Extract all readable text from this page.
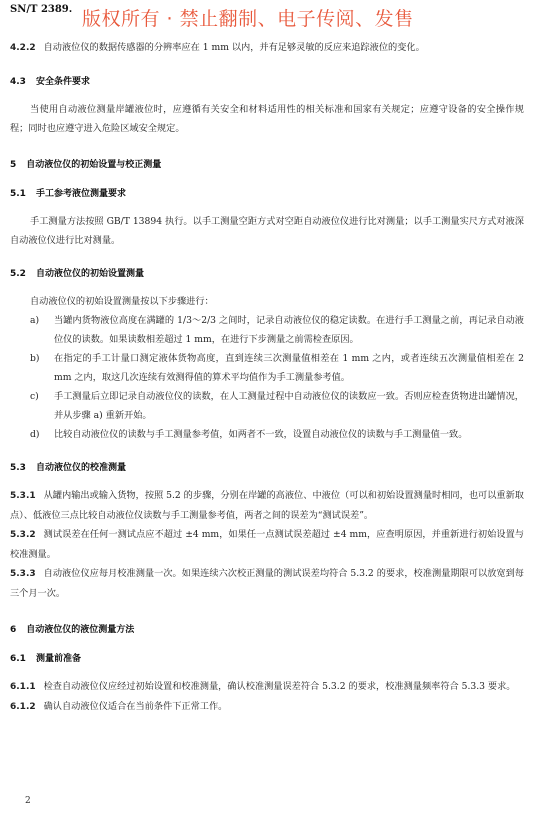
SN/T 2389. 版权所有 · 禁止翻制、电子传阅、发售

4.2.2 自动液位仪的数据传感器的分辨率应在 1 mm 以内，并有足够灵敏的反应来追踪液位的变化。

4.3 安全条件要求

当使用自动液位测量岸罐液位时，应遵循有关安全和材料适用性的相关标准和国家有关规定；应遵守设备的安全操作规程；同时也应遵守进入危险区域安全规定。

5 自动液位仪的初始设置与校正测量
5.1 手工参考液位测量要求

手工测量方法按照 GB/T 13894 执行。以手工测量空距方式对空距自动液位仪进行比对测量；以手工测量实尺方式对液深自动液位仪进行比对测量。

5.2 自动液位仪的初始设置测量

自动液位仪的初始设置测量按以下步骤进行：

a)	当罐内货物液位高度在满罐的 1/3～2/3 之间时，记录自动液位仪的稳定读数。在进行手工测量之前，再记录自动液位仪的读数。如果读数相差超过 1 mm，在进行下步测量之前需检查原因。
b)	在指定的手工计量口测定液体货物高度，直到连续三次测量值相差在 1 mm 之内，或者连续五次测量值相差在 2 mm 之内，取这几次连续有效测得值的算术平均值作为手工测量参考值。
c)	手工测量后立即记录自动液位仪的读数，在人工测量过程中自动液位仪的读数应一致。否则应检查货物进出罐情况，并从步骤 a) 重新开始。
d)	比较自动液位仪的读数与手工测量参考值，如两者不一致，设置自动液位仪的读数与手工测量值一致。
5.3 自动液位仪的校准测量

5.3.1 从罐内输出或输入货物，按照 5.2 的步骤，分别在岸罐的高液位、中液位（可以和初始设置测量时相同，也可以重新取点）、低液位三点比较自动液位仪读数与手工测量参考值，两者之间的误差为“测试误差”。

5.3.2 测试误差在任何一测试点应不超过 ±4 mm，如果任一点测试误差超过 ±4 mm，应查明原因，并重新进行初始设置与校准测量。

5.3.3 自动液位仪应每月校准测量一次。如果连续六次校正测量的测试误差均符合 5.3.2 的要求，校准测量期限可以放宽到每三个月一次。

6 自动液位仪的液位测量方法
6.1 测量前准备

6.1.1 检查自动液位仪应经过初始设置和校准测量，确认校准测量误差符合 5.3.2 的要求，校准测量频率符合 5.3.3 要求。

6.1.2 确认自动液位仪适合在当前条件下正常工作。

2
